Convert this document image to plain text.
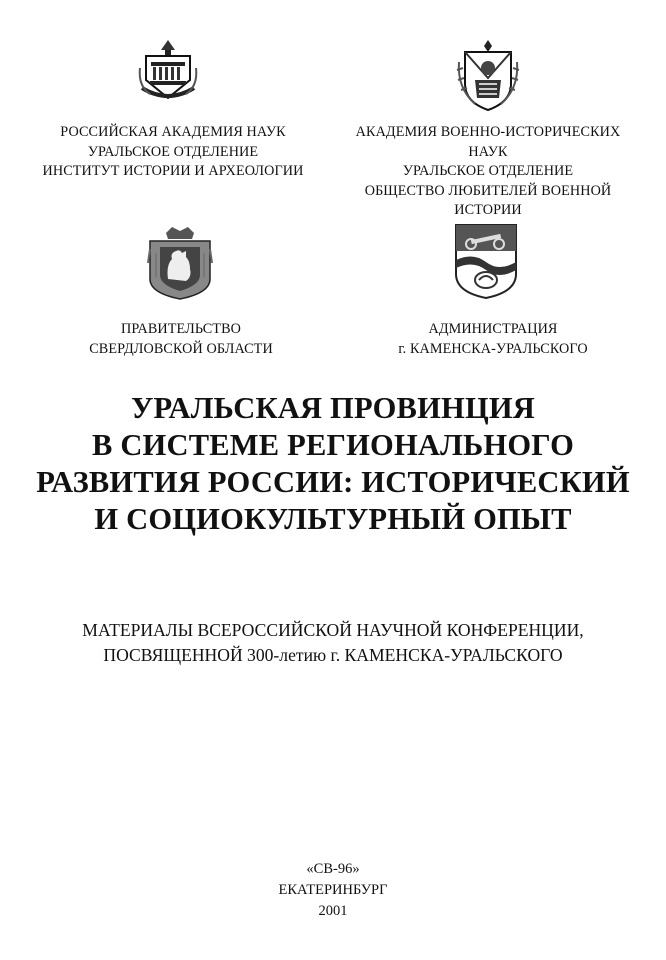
РОССИЙСКАЯ АКАДЕМИЯ НАУК
УРАЛЬСКОЕ ОТДЕЛЕНИЕ
ИНСТИТУТ ИСТОРИИ И АРХЕОЛОГИИ
АКАДЕМИЯ ВОЕННО-ИСТОРИЧЕСКИХ
НАУК
УРАЛЬСКОЕ ОТДЕЛЕНИЕ
ОБЩЕСТВО ЛЮБИТЕЛЕЙ ВОЕННОЙ
ИСТОРИИ
ПРАВИТЕЛЬСТВО
СВЕРДЛОВСКОЙ ОБЛАСТИ
АДМИНИСТРАЦИЯ
г. КАМЕНСКА-УРАЛЬСКОГО
УРАЛЬСКАЯ ПРОВИНЦИЯ
В СИСТЕМЕ РЕГИОНАЛЬНОГО
РАЗВИТИЯ РОССИИ: ИСТОРИЧЕСКИЙ
И СОЦИОКУЛЬТУРНЫЙ ОПЫТ
МАТЕРИАЛЫ ВСЕРОССИЙСКОЙ НАУЧНОЙ КОНФЕРЕНЦИИ,
ПОСВЯЩЕННОЙ 300-летию г. КАМЕНСКА-УРАЛЬСКОГО
«СВ-96»
ЕКАТЕРИНБУРГ
2001
